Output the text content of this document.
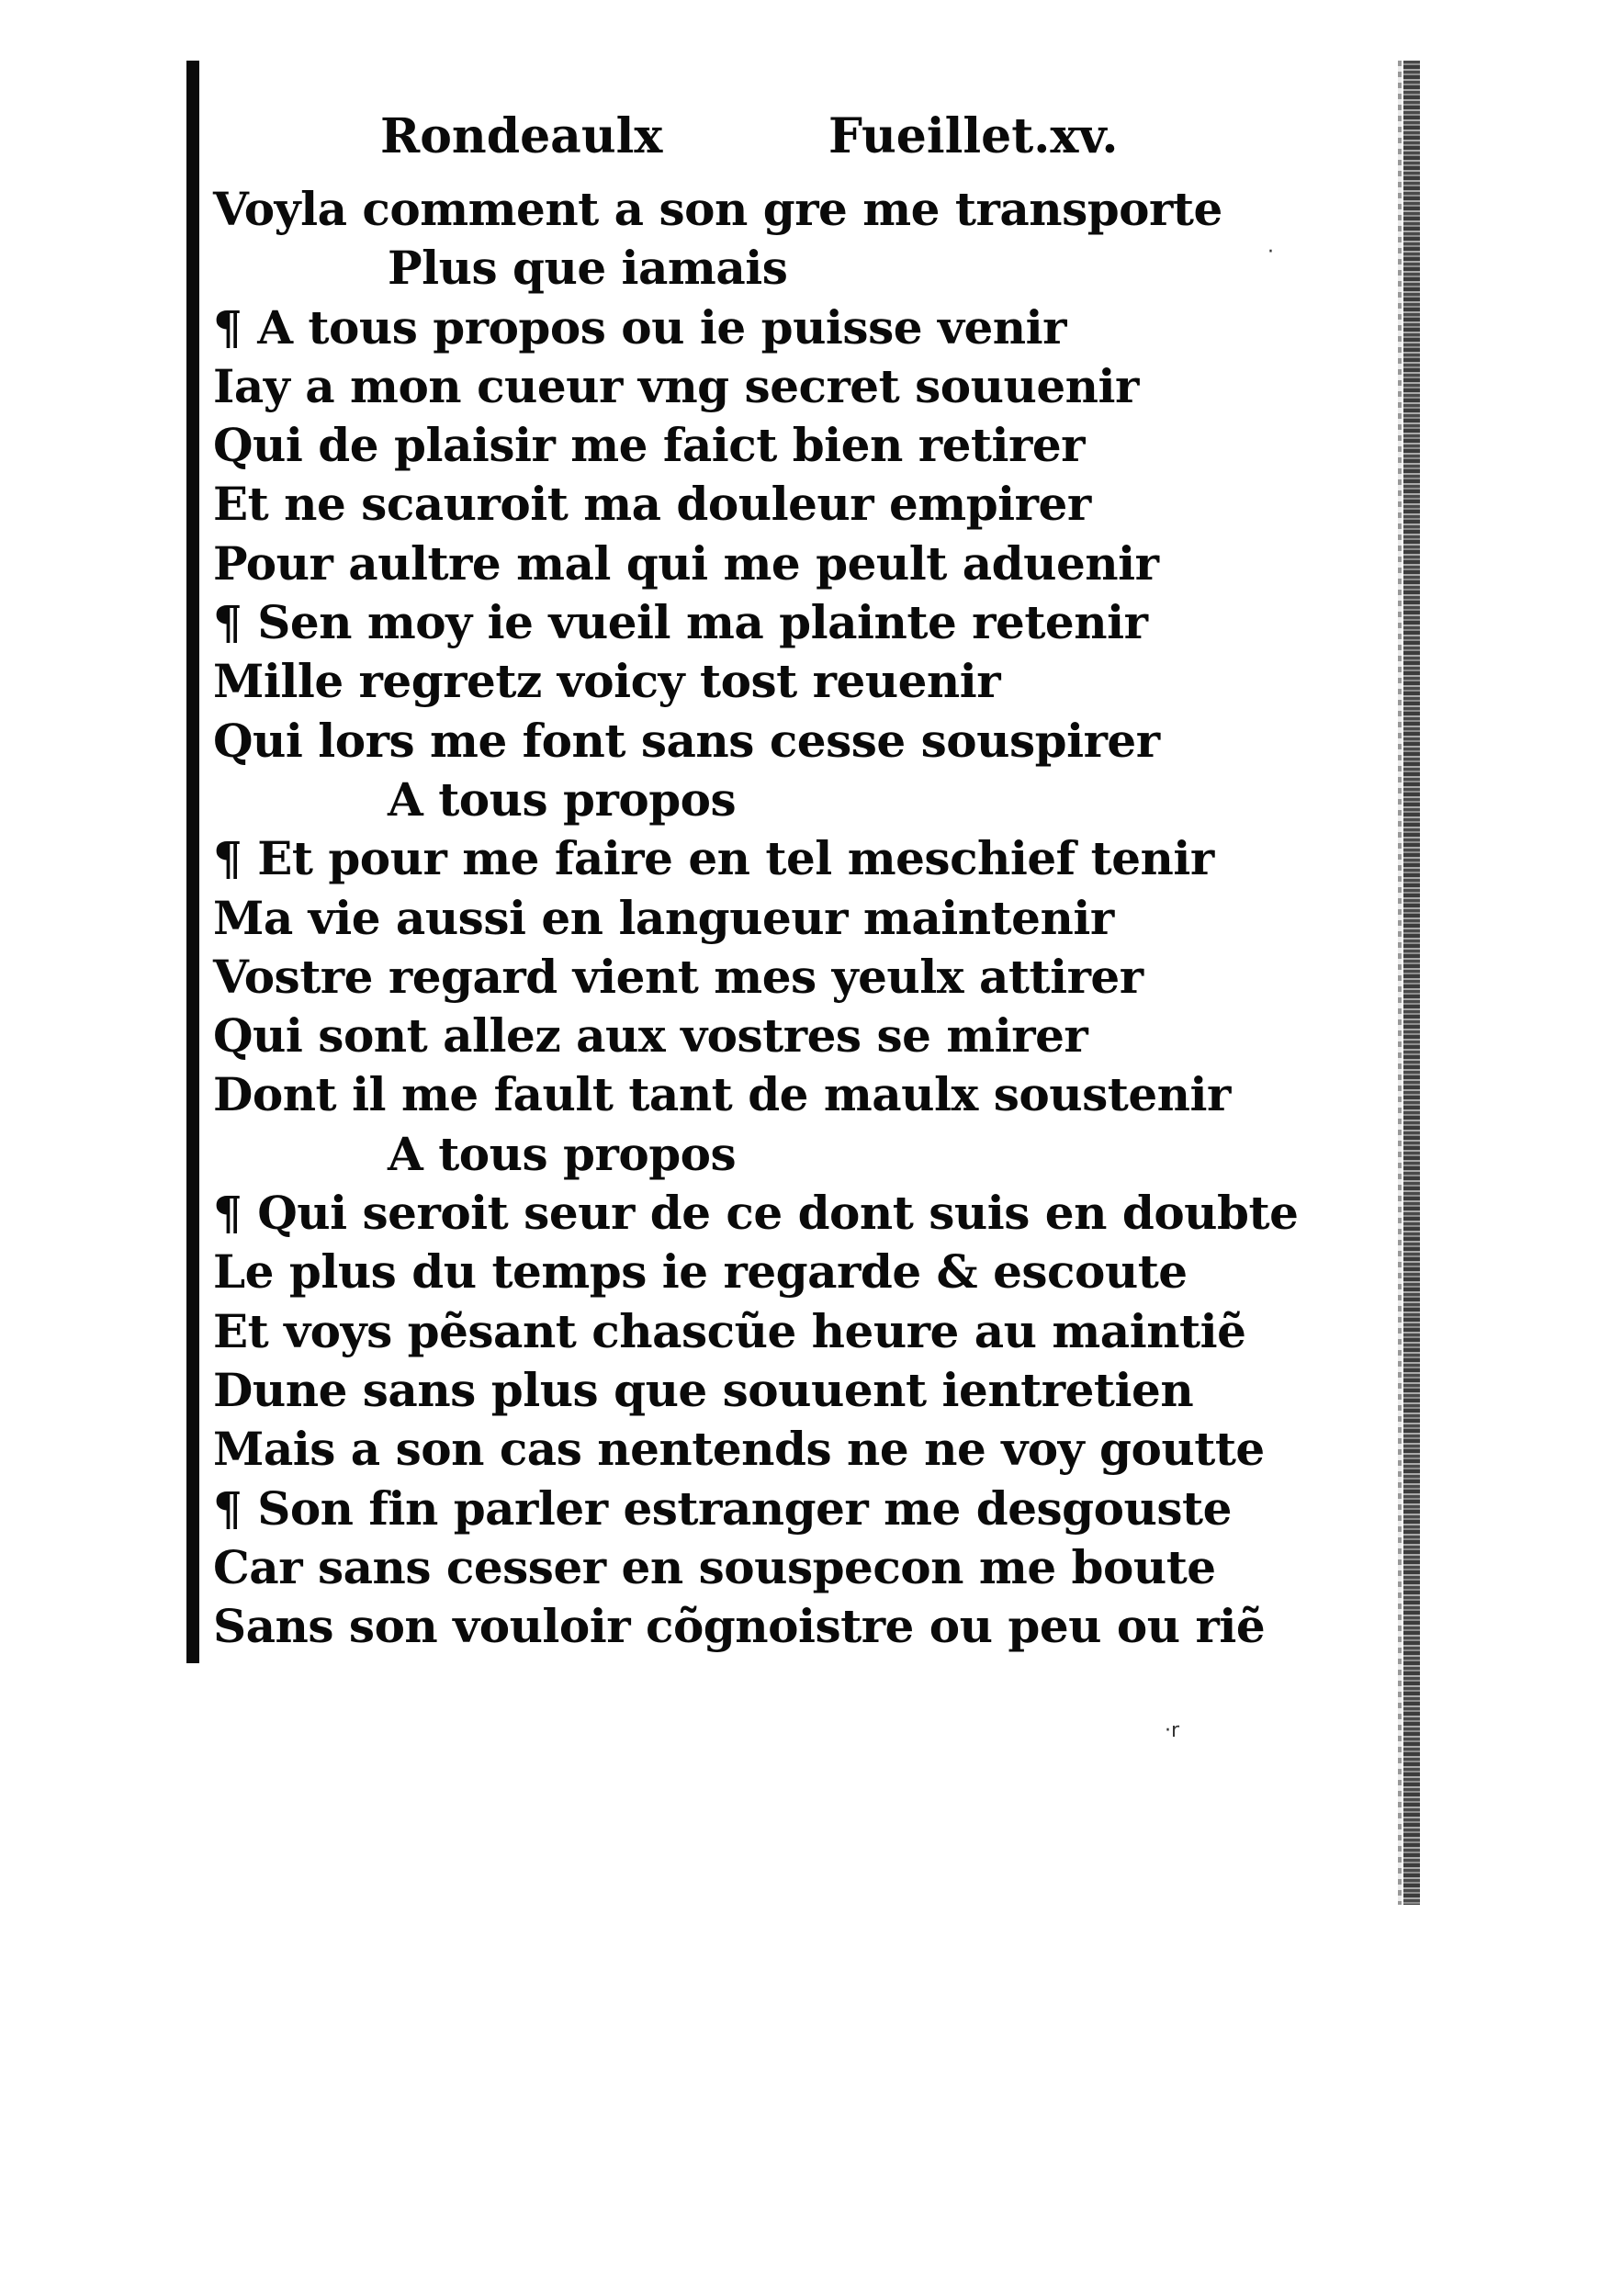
·
·r
Rondeaulx	Fueillet.xv.
Voyla comment a son gre me transporte
Plus que iamais
¶ A tous propos ou ie puisse venir
Iay a mon cueur vng secret souuenir
Qui de plaisir me faict bien retirer
Et ne scauroit ma douleur empirer
Pour aultre mal qui me peult aduenir
¶ Sen moy ie vueil ma plainte retenir
Mille regretz voicy tost reuenir
Qui lors me font sans cesse souspirer
A tous propos
¶ Et pour me faire en tel meschief tenir
Ma vie aussi en langueur maintenir
Vostre regard vient mes yeulx attirer
Qui sont allez aux vostres se mirer
Dont il me fault tant de maulx soustenir
A tous propos
¶ Qui seroit seur de ce dont suis en doubte
Le plus du temps ie regarde & escoute
Et voys pẽsant chascũe heure au maintiẽ
Dune sans plus que souuent ientretien
Mais a son cas nentends ne ne voy goutte
¶ Son fin parler estranger me desgouste
Car sans cesser en souspecon me boute
Sans son vouloir cõgnoistre ou peu ou riẽ
